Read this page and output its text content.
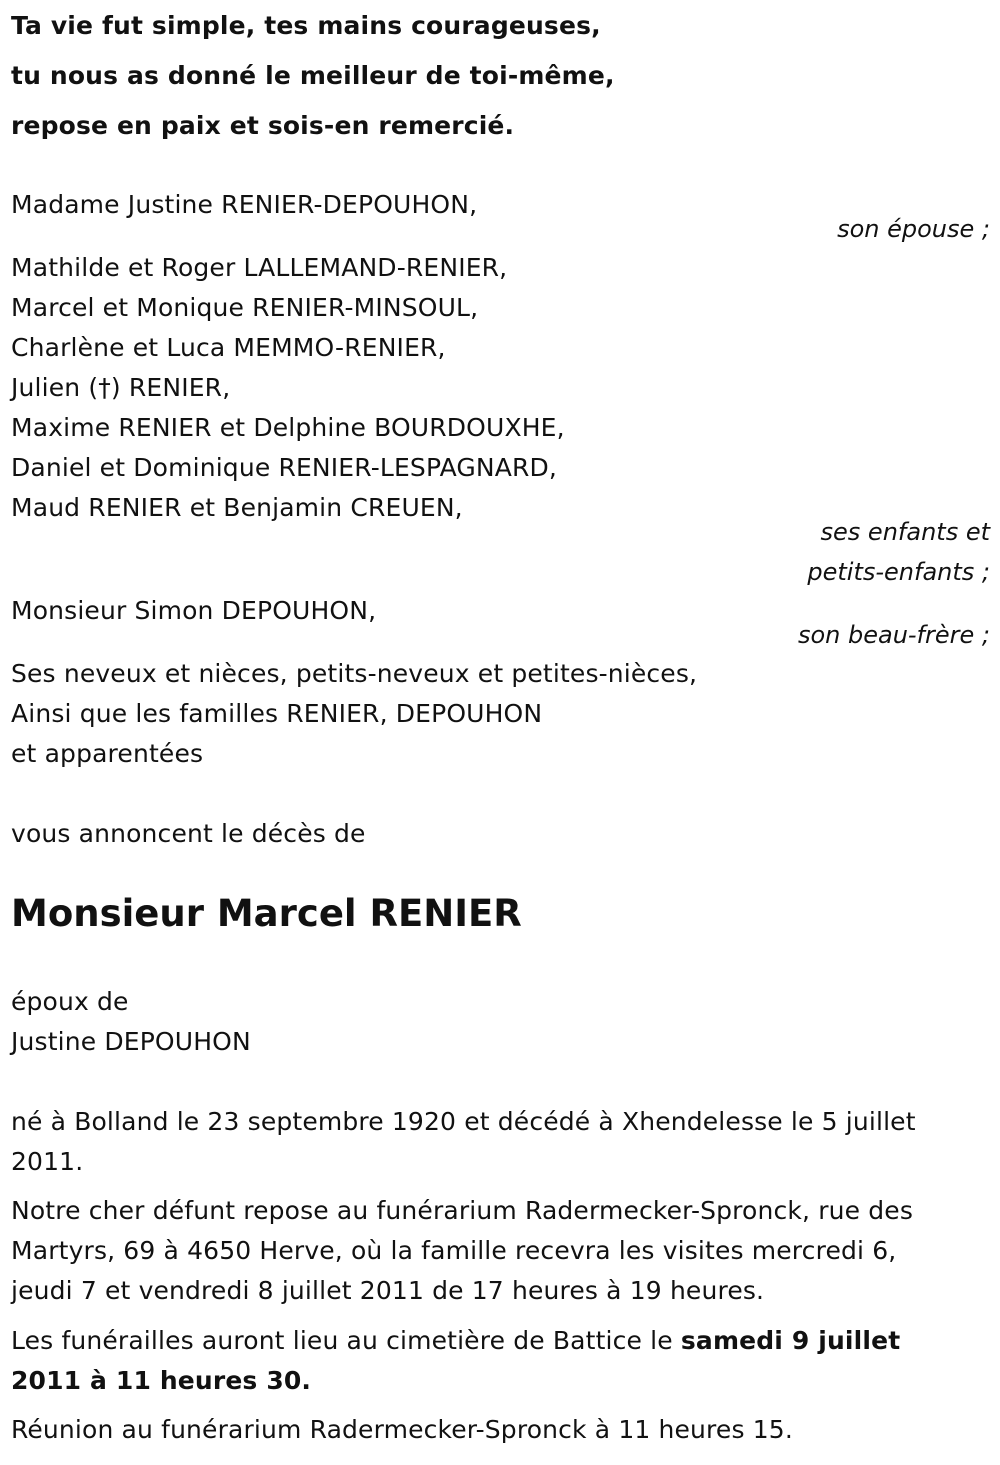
Ta vie fut simple, tes mains courageuses,
tu nous as donné le meilleur de toi-même,
repose en paix et sois-en remercié.
Madame Justine RENIER-DEPOUHON,
son épouse ;
Mathilde et Roger LALLEMAND-RENIER,
Marcel et Monique RENIER-MINSOUL,
Charlène et Luca MEMMO-RENIER,
Julien (†) RENIER,
Maxime RENIER et Delphine BOURDOUXHE,
Daniel et Dominique RENIER-LESPAGNARD,
Maud RENIER et Benjamin CREUEN,
ses enfants et
petits-enfants ;
Monsieur Simon DEPOUHON,
son beau-frère ;
Ses neveux et nièces, petits-neveux et petites-nièces,
Ainsi que les familles RENIER, DEPOUHON
et apparentées
vous annoncent le décès de
Monsieur Marcel RENIER
époux de
Justine DEPOUHON
né à Bolland le 23 septembre 1920 et décédé à Xhendelesse le 5 juillet
2011.
Notre cher défunt repose au funérarium Radermecker-Spronck, rue des
Martyrs, 69 à 4650 Herve, où la famille recevra les visites mercredi 6,
jeudi 7 et vendredi 8 juillet 2011 de 17 heures à 19 heures.
Les funérailles auront lieu au cimetière de Battice le samedi 9 juillet
2011 à 11 heures 30.
Réunion au funérarium Radermecker-Spronck à 11 heures 15.
